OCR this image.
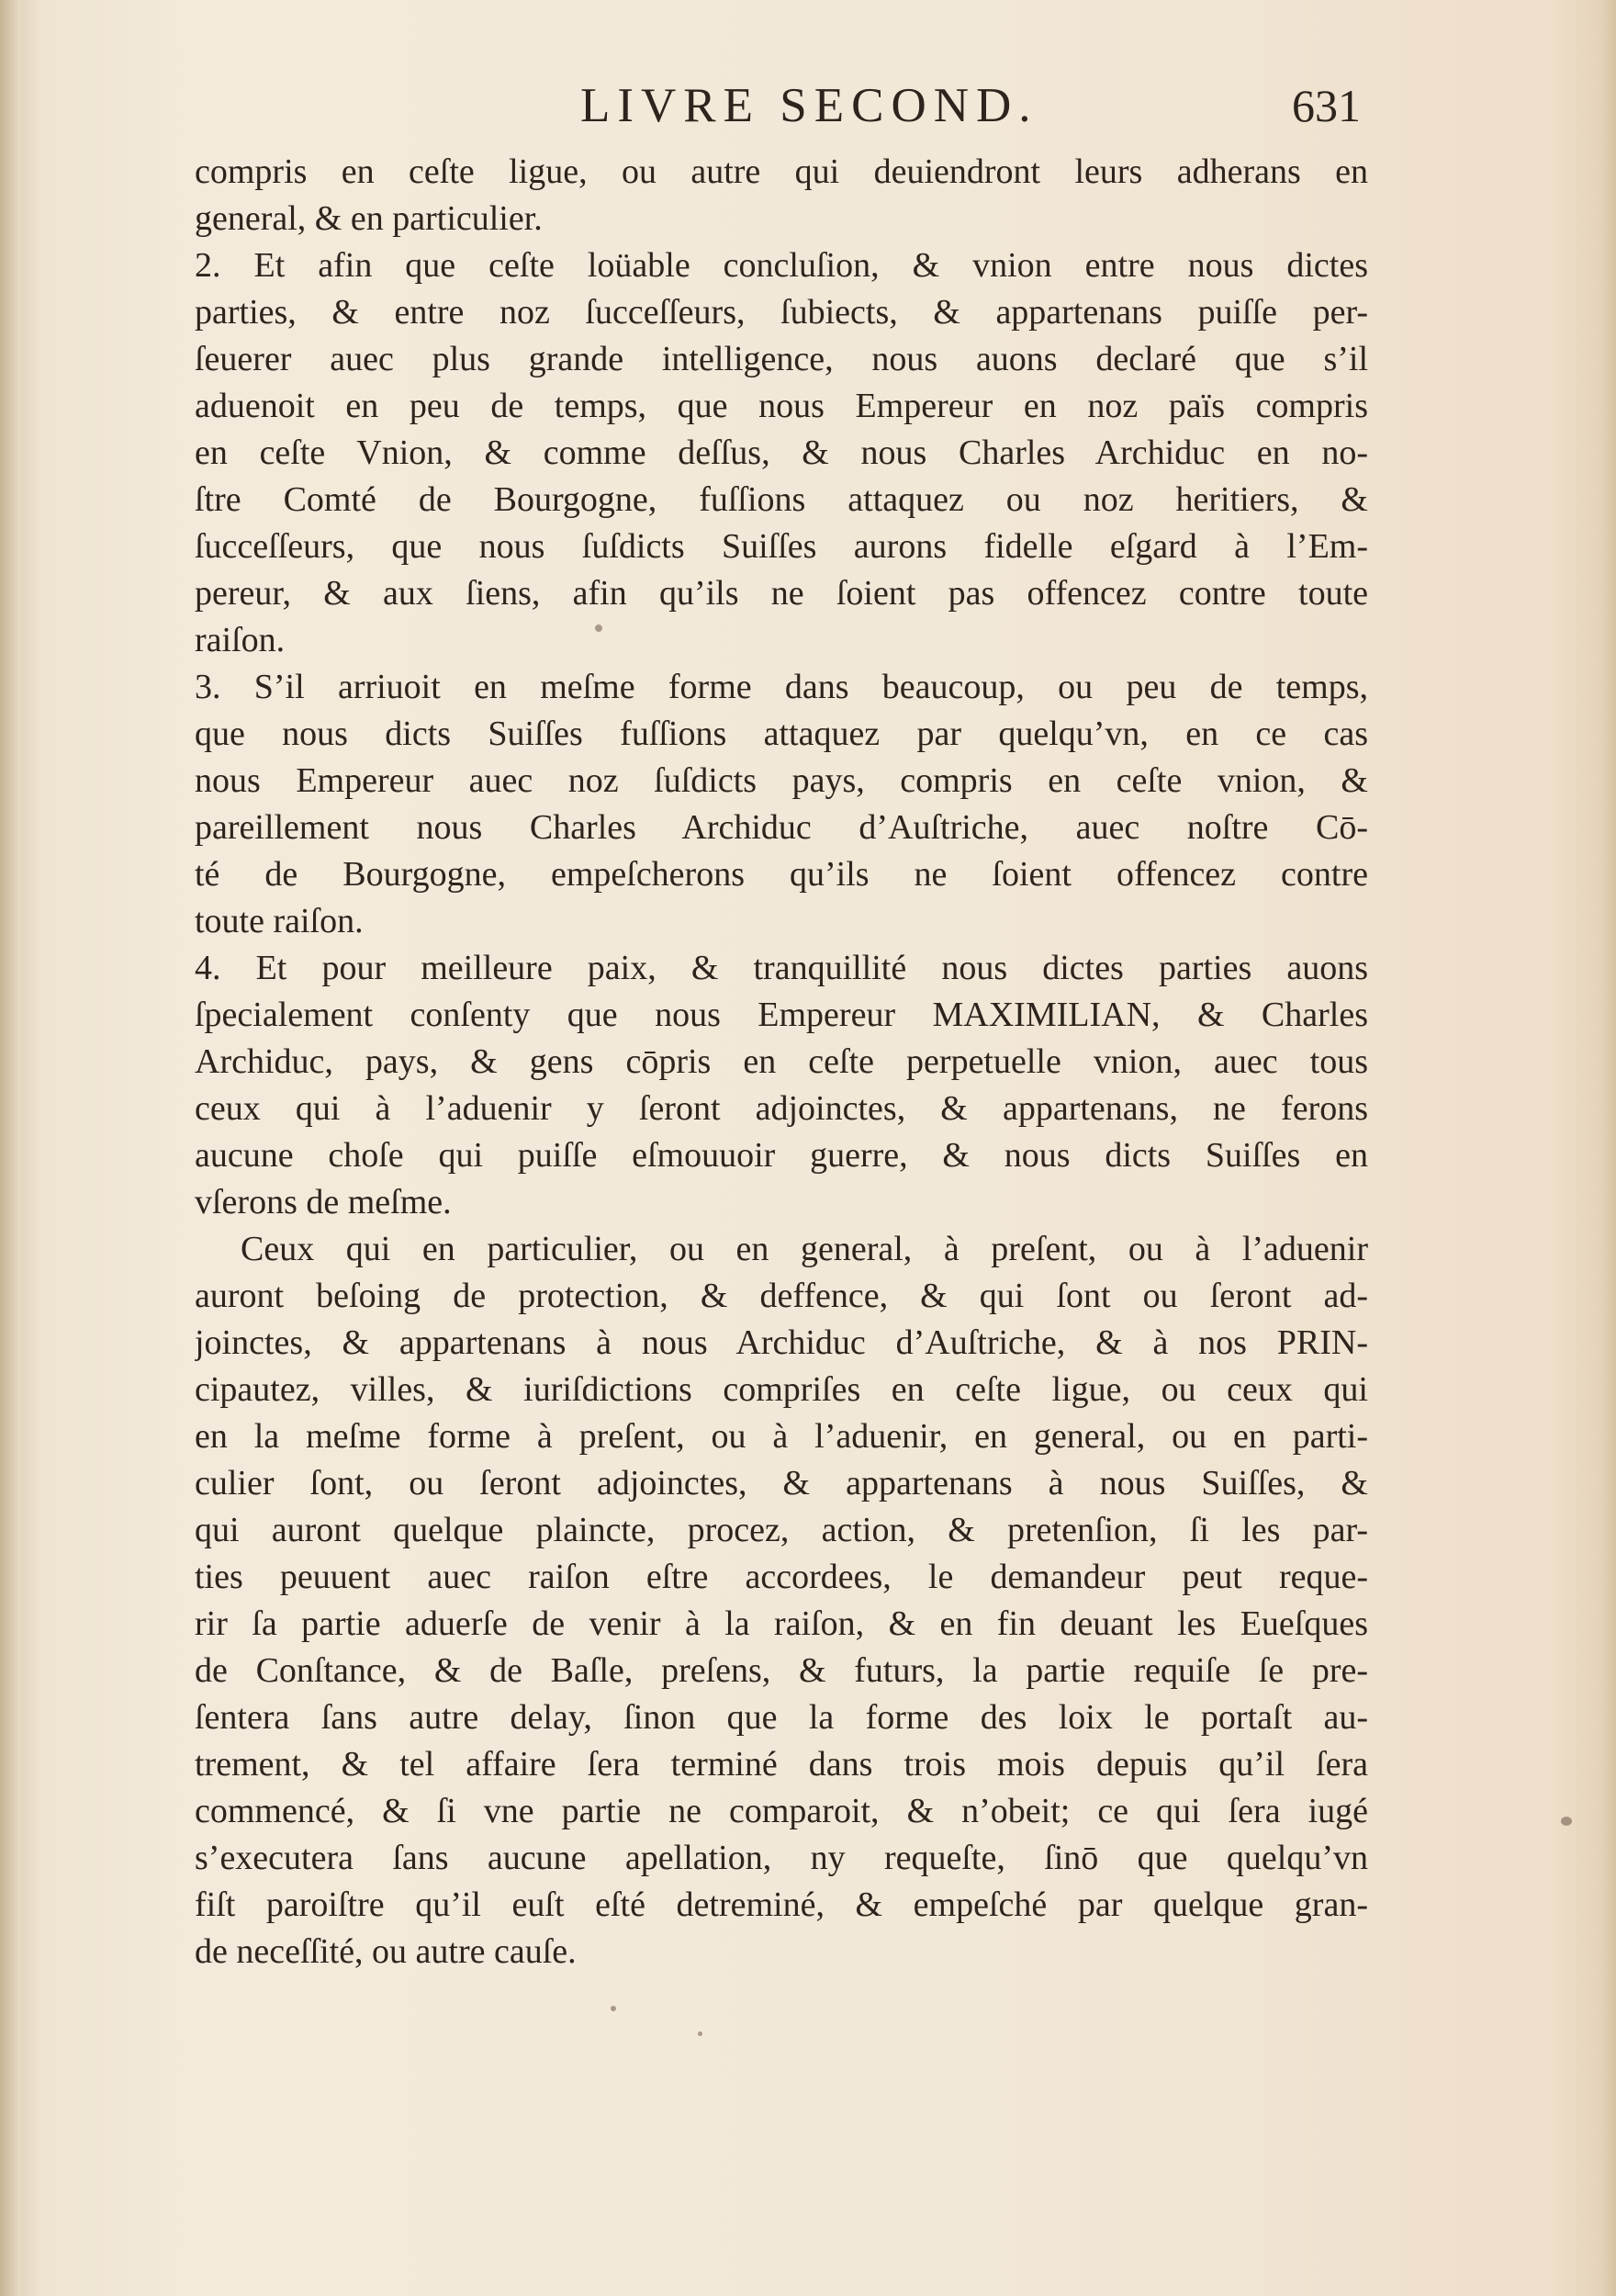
LIVRE SECOND.	631
compris en ceſte ligue, ou autre qui deuiendront leurs adherans en
general, & en particulier.
2. Et afin que ceſte loüable concluſion, & vnion entre nous dictes
parties, & entre noz ſucceſſeurs, ſubiects, & appartenans puiſſe per-
ſeuerer auec plus grande intelligence, nous auons declaré que s’il
aduenoit en peu de temps, que nous Empereur en noz païs compris
en ceſte Vnion, & comme deſſus, & nous Charles Archiduc en no-
ſtre Comté de Bourgogne, fuſſions attaquez ou noz heritiers, &
ſucceſſeurs, que nous ſuſdicts Suiſſes aurons fidelle eſgard à l’Em-
pereur, & aux ſiens, afin qu’ils ne ſoient pas offencez contre toute
raiſon.
3. S’il arriuoit en meſme forme dans beaucoup, ou peu de temps,
que nous dicts Suiſſes fuſſions attaquez par quelqu’vn, en ce cas
nous Empereur auec noz ſuſdicts pays, compris en ceſte vnion, &
pareillement nous Charles Archiduc d’Auſtriche, auec noſtre Cō-
té de Bourgogne, empeſcherons qu’ils ne ſoient offencez contre
toute raiſon.
4. Et pour meilleure paix, & tranquillité nous dictes parties auons
ſpecialement conſenty que nous Empereur MAXIMILIAN, & Charles
Archiduc, pays, & gens cōpris en ceſte perpetuelle vnion, auec tous
ceux qui à l’aduenir y ſeront adjoinctes, & appartenans, ne ferons
aucune choſe qui puiſſe eſmouuoir guerre, & nous dicts Suiſſes en
vſerons de meſme.
Ceux qui en particulier, ou en general, à preſent, ou à l’aduenir
auront beſoing de protection, & deffence, & qui ſont ou ſeront ad-
joinctes, & appartenans à nous Archiduc d’Auſtriche, & à nos PRIN-
cipautez, villes, & iuriſdictions compriſes en ceſte ligue, ou ceux qui
en la meſme forme à preſent, ou à l’aduenir, en general, ou en parti-
culier ſont, ou ſeront adjoinctes, & appartenans à nous Suiſſes, &
qui auront quelque plaincte, procez, action, & pretenſion, ſi les par-
ties peuuent auec raiſon eſtre accordees, le demandeur peut reque-
rir ſa partie aduerſe de venir à la raiſon, & en fin deuant les Eueſques
de Conſtance, & de Baſle, preſens, & futurs, la partie requiſe ſe pre-
ſentera ſans autre delay, ſinon que la forme des loix le portaſt au-
trement, & tel affaire ſera terminé dans trois mois depuis qu’il ſera
commencé, & ſi vne partie ne comparoit, & n’obeit; ce qui ſera iugé
s’executera ſans aucune apellation, ny requeſte, ſinō que quelqu’vn
fiſt paroiſtre qu’il euſt eſté detreminé, & empeſché par quelque gran-
de neceſſité, ou autre cauſe.
